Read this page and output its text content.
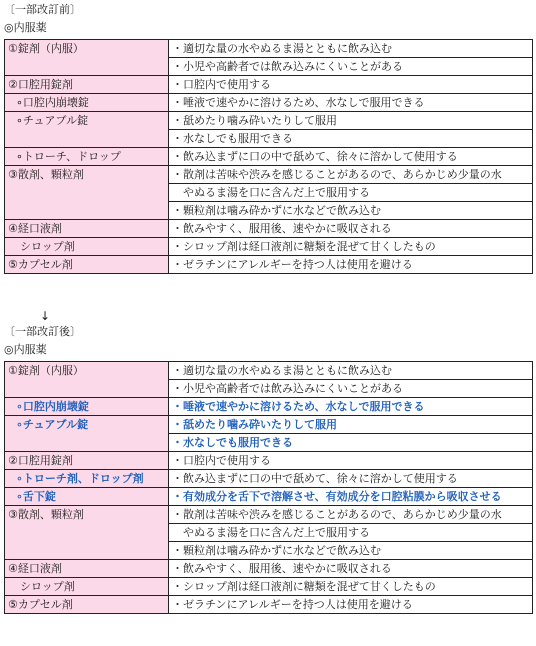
〔一部改訂前〕
◎内服薬
①錠剤（内服）	・適切な量の水やぬるま湯とともに飲み込む
	・小児や高齢者では飲み込みにくいことがある
②口腔用錠剤	・口腔内で使用する
∘口腔内崩壊錠	・唾液で速やかに溶けるため、水なしで服用できる
∘チュアブル錠	・舐めたり噛み砕いたりして服用
	・水なしでも服用できる
∘トローチ、ドロップ	・飲み込まずに口の中で舐めて、徐々に溶かして使用する
③散剤、顆粒剤	・散剤は苦味や渋みを感じることがあるので、あらかじめ少量の水
	　やぬるま湯を口に含んだ上で服用する
	・顆粒剤は噛み砕かずに水などで飲み込む
④経口液剤	・飲みやすく、服用後、速やかに吸収される
シロップ剤	・シロップ剤は経口液剤に糖類を混ぜて甘くしたもの
⑤カプセル剤	・ゼラチンにアレルギーを持つ人は使用を避ける
↓
〔一部改訂後〕
◎内服薬
①錠剤（内服）	・適切な量の水やぬるま湯とともに飲み込む
	・小児や高齢者では飲み込みにくいことがある
∘口腔内崩壊錠	・唾液で速やかに溶けるため、水なしで服用できる
∘チュアブル錠	・舐めたり噛み砕いたりして服用
	・水なしでも服用できる
②口腔用錠剤	・口腔内で使用する
∘トローチ剤、ドロップ剤	・飲み込まずに口の中で舐めて、徐々に溶かして使用する
∘舌下錠	・有効成分を舌下で溶解させ、有効成分を口腔粘膜から吸収させる
③散剤、顆粒剤	・散剤は苦味や渋みを感じることがあるので、あらかじめ少量の水
	　やぬるま湯を口に含んだ上で服用する
	・顆粒剤は噛み砕かずに水などで飲み込む
④経口液剤	・飲みやすく、服用後、速やかに吸収される
シロップ剤	・シロップ剤は経口液剤に糖類を混ぜて甘くしたもの
⑤カプセル剤	・ゼラチンにアレルギーを持つ人は使用を避ける
